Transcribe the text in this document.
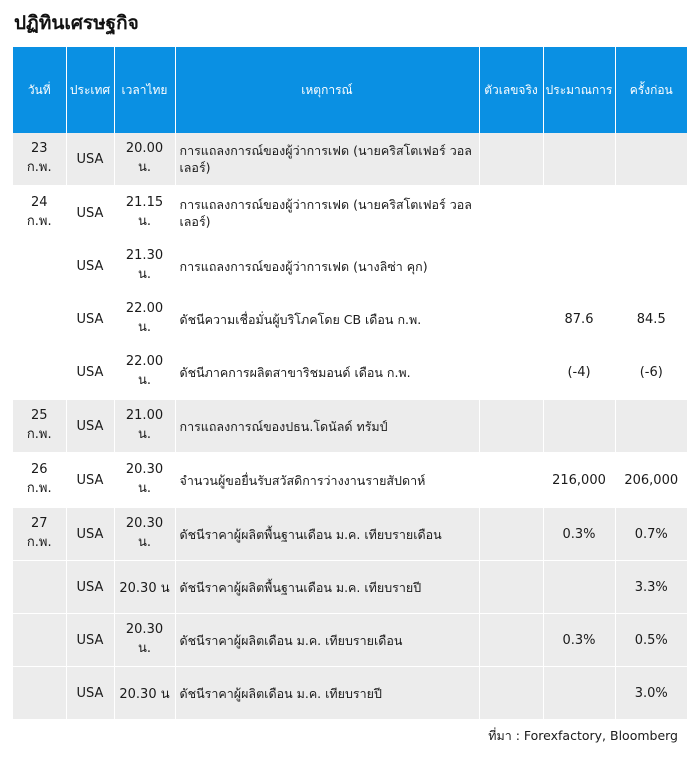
ปฏิทินเศรษฐกิจ
วันที่	ประเทศ	เวลาไทย	เหตุการณ์	ตัวเลขจริง	ประมาณการ	ครั้งก่อน
23 ก.พ.	USA	20.00 น.	การแถลงการณ์ของผู้ว่าการเฟด (นายคริสโตเฟอร์ วอลเลอร์)			
24 ก.พ.	USA	21.15 น.	การแถลงการณ์ของผู้ว่าการเฟด (นายคริสโตเฟอร์ วอลเลอร์)			
	USA	21.30 น.	การแถลงการณ์ของผู้ว่าการเฟด (นางลิซ่า คุก)			
	USA	22.00 น.	ดัชนีความเชื่อมั่นผู้บริโภคโดย CB เดือน ก.พ.		87.6	84.5
	USA	22.00 น.	ดัชนีภาคการผลิตสาขาริชมอนด์ เดือน ก.พ.		(-4)	(-6)
25 ก.พ.	USA	21.00 น.	การแถลงการณ์ของปธน.โดนัลด์ ทรัมป์			
26 ก.พ.	USA	20.30 น.	จำนวนผู้ขอยื่นรับสวัสดิการว่างงานรายสัปดาห์		216,000	206,000
27 ก.พ.	USA	20.30 น.	ดัชนีราคาผู้ผลิตพื้นฐานเดือน ม.ค. เทียบรายเดือน		0.3%	0.7%
	USA	20.30 น	ดัชนีราคาผู้ผลิตพื้นฐานเดือน ม.ค. เทียบรายปี			3.3%
	USA	20.30 น.	ดัชนีราคาผู้ผลิตเดือน ม.ค. เทียบรายเดือน		0.3%	0.5%
	USA	20.30 น	ดัชนีราคาผู้ผลิตเดือน ม.ค. เทียบรายปี			3.0%
ที่มา : Forexfactory, Bloomberg
